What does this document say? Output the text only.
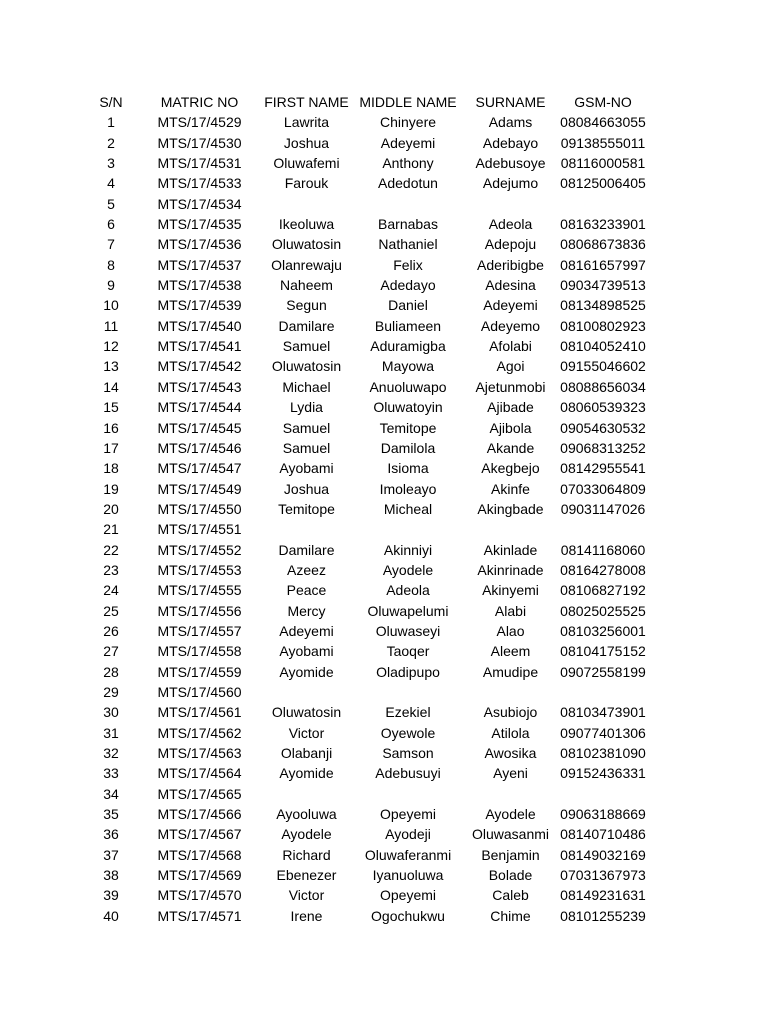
S/N	MATRIC NO	FIRST NAME	MIDDLE NAME	SURNAME	GSM-NO
1	MTS/17/4529	Lawrita	Chinyere	Adams	08084663055
2	MTS/17/4530	Joshua	Adeyemi	Adebayo	09138555011
3	MTS/17/4531	Oluwafemi	Anthony	Adebusoye	08116000581
4	MTS/17/4533	Farouk	Adedotun	Adejumo	08125006405
5	MTS/17/4534				
6	MTS/17/4535	Ikeoluwa	Barnabas	Adeola	08163233901
7	MTS/17/4536	Oluwatosin	Nathaniel	Adepoju	08068673836
8	MTS/17/4537	Olanrewaju	Felix	Aderibigbe	08161657997
9	MTS/17/4538	Naheem	Adedayo	Adesina	09034739513
10	MTS/17/4539	Segun	Daniel	Adeyemi	08134898525
11	MTS/17/4540	Damilare	Buliameen	Adeyemo	08100802923
12	MTS/17/4541	Samuel	Aduramigba	Afolabi	08104052410
13	MTS/17/4542	Oluwatosin	Mayowa	Agoi	09155046602
14	MTS/17/4543	Michael	Anuoluwapo	Ajetunmobi	08088656034
15	MTS/17/4544	Lydia	Oluwatoyin	Ajibade	08060539323
16	MTS/17/4545	Samuel	Temitope	Ajibola	09054630532
17	MTS/17/4546	Samuel	Damilola	Akande	09068313252
18	MTS/17/4547	Ayobami	Isioma	Akegbejo	08142955541
19	MTS/17/4549	Joshua	Imoleayo	Akinfe	07033064809
20	MTS/17/4550	Temitope	Micheal	Akingbade	09031147026
21	MTS/17/4551				
22	MTS/17/4552	Damilare	Akinniyi	Akinlade	08141168060
23	MTS/17/4553	Azeez	Ayodele	Akinrinade	08164278008
24	MTS/17/4555	Peace	Adeola	Akinyemi	08106827192
25	MTS/17/4556	Mercy	Oluwapelumi	Alabi	08025025525
26	MTS/17/4557	Adeyemi	Oluwaseyi	Alao	08103256001
27	MTS/17/4558	Ayobami	Taoqer	Aleem	08104175152
28	MTS/17/4559	Ayomide	Oladipupo	Amudipe	09072558199
29	MTS/17/4560				
30	MTS/17/4561	Oluwatosin	Ezekiel	Asubiojo	08103473901
31	MTS/17/4562	Victor	Oyewole	Atilola	09077401306
32	MTS/17/4563	Olabanji	Samson	Awosika	08102381090
33	MTS/17/4564	Ayomide	Adebusuyi	Ayeni	09152436331
34	MTS/17/4565				
35	MTS/17/4566	Ayooluwa	Opeyemi	Ayodele	09063188669
36	MTS/17/4567	Ayodele	Ayodeji	Oluwasanmi	08140710486
37	MTS/17/4568	Richard	Oluwaferanmi	Benjamin	08149032169
38	MTS/17/4569	Ebenezer	Iyanuoluwa	Bolade	07031367973
39	MTS/17/4570	Victor	Opeyemi	Caleb	08149231631
40	MTS/17/4571	Irene	Ogochukwu	Chime	08101255239
